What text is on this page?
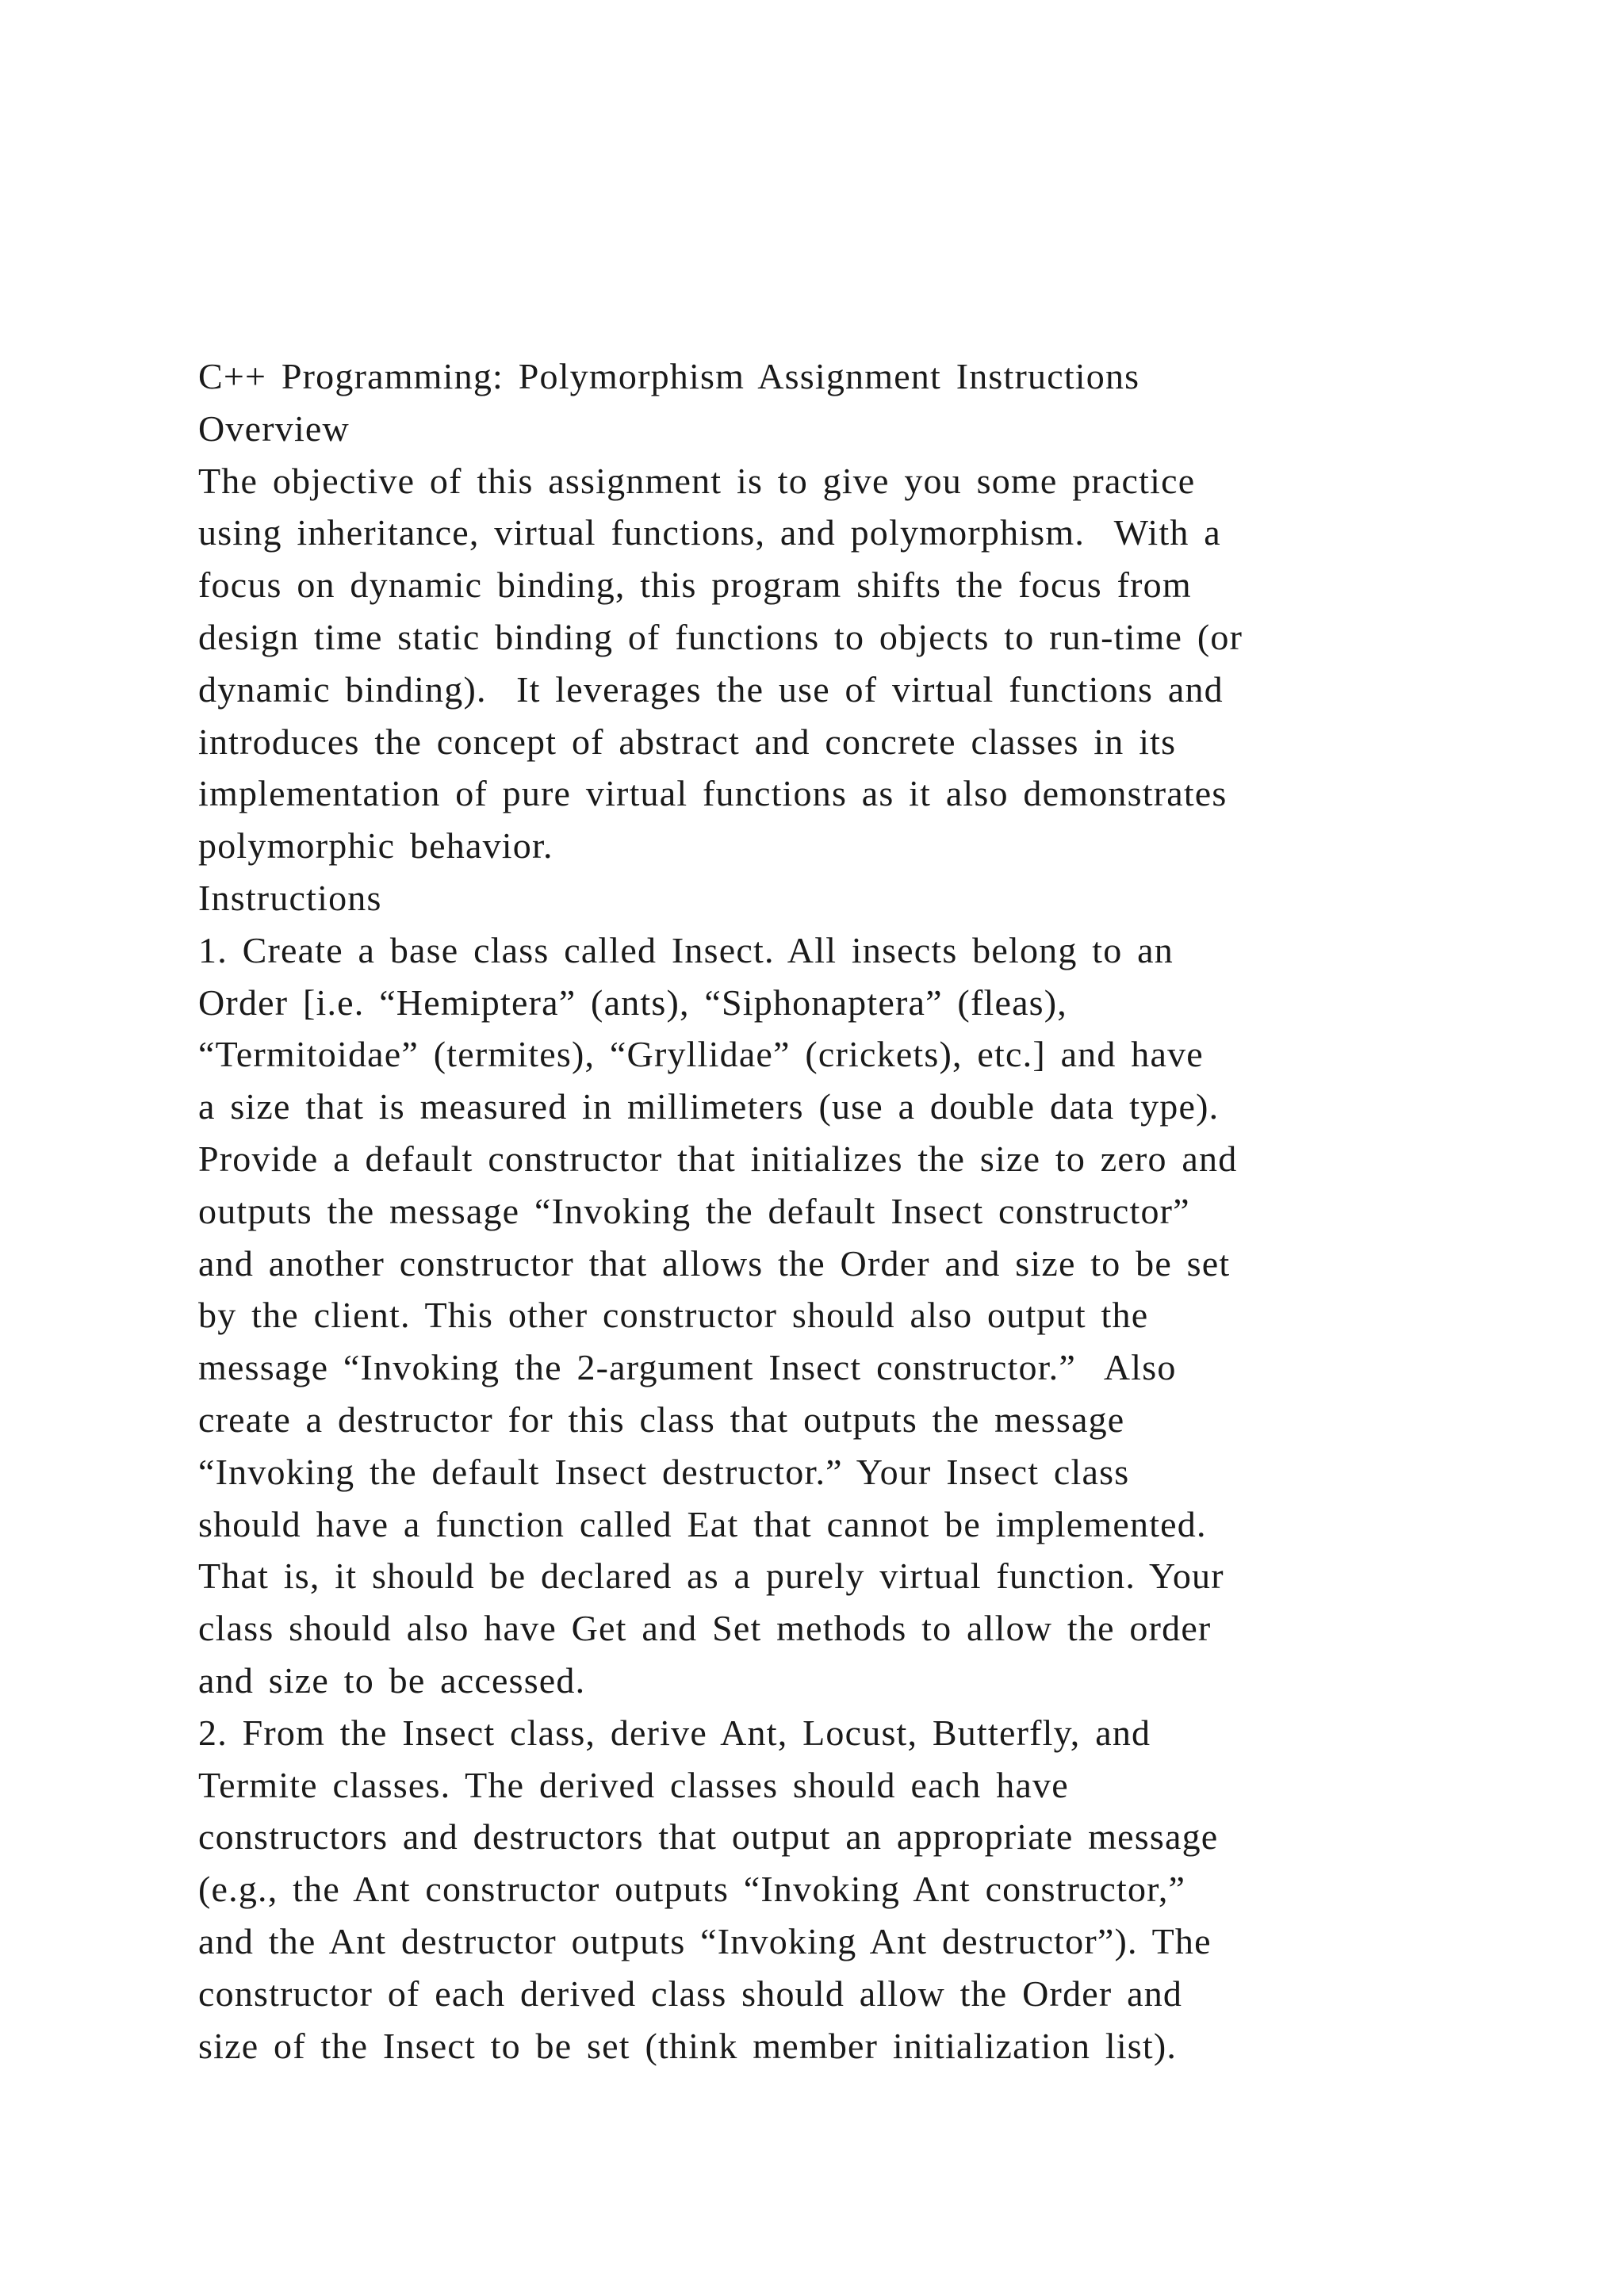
C++ Programming: Polymorphism Assignment Instructions
Overview
The objective of this assignment is to give you some practice
using inheritance, virtual functions, and polymorphism.  With a
focus on dynamic binding, this program shifts the focus from
design time static binding of functions to objects to run-time (or
dynamic binding).  It leverages the use of virtual functions and
introduces the concept of abstract and concrete classes in its
implementation of pure virtual functions as it also demonstrates
polymorphic behavior.
Instructions
1. Create a base class called Insect. All insects belong to an
Order [i.e. “Hemiptera” (ants), “Siphonaptera” (fleas),
“Termitoidae” (termites), “Gryllidae” (crickets), etc.] and have
a size that is measured in millimeters (use a double data type).
Provide a default constructor that initializes the size to zero and
outputs the message “Invoking the default Insect constructor”
and another constructor that allows the Order and size to be set
by the client. This other constructor should also output the
message “Invoking the 2-argument Insect constructor.”  Also
create a destructor for this class that outputs the message
“Invoking the default Insect destructor.” Your Insect class
should have a function called Eat that cannot be implemented.
That is, it should be declared as a purely virtual function. Your
class should also have Get and Set methods to allow the order
and size to be accessed.
2. From the Insect class, derive Ant, Locust, Butterfly, and
Termite classes. The derived classes should each have
constructors and destructors that output an appropriate message
(e.g., the Ant constructor outputs “Invoking Ant constructor,”
and the Ant destructor outputs “Invoking Ant destructor”). The
constructor of each derived class should allow the Order and
size of the Insect to be set (think member initialization list).
